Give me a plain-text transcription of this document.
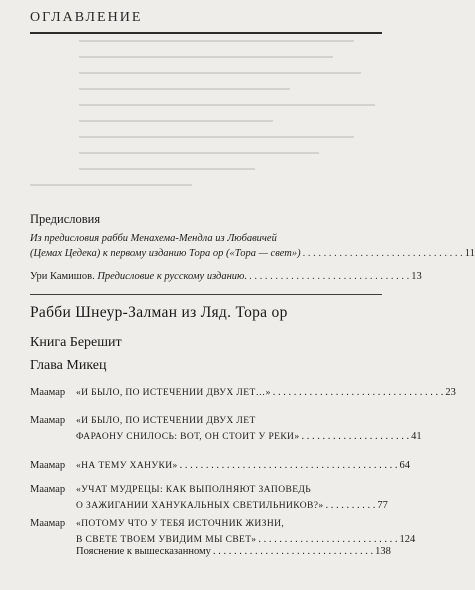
ОГЛАВЛЕНИЕ
Предисловия
Из предисловия рабби Менахема-Мендла из Любавичей
(Цемах Цедека) к первому изданию Тора ор («Тора — свет») . . . . . . . . . . . . . . . . . . . . . . . . . . . . . . . 11
Ури Камишов. Предисловие к русскому изданию. . . . . . . . . . . . . . . . . . . . . . . . . . . . . . . . 13
Рабби Шнеур-Залман из Ляд. Тора ор
Книга Берешит
Глава Микец
Маамар «И БЫЛО, ПО ИСТЕЧЕНИИ ДВУХ ЛЕТ…» . . . . . . . . . . . . . . . . . . . . . . . . . . . . . . . . . 23
Маамар «И БЫЛО, ПО ИСТЕЧЕНИИ ДВУХ ЛЕТ
ФАРАОНУ СНИЛОСЬ: ВОТ, ОН СТОИТ У РЕКИ» . . . . . . . . . . . . . . . . . . . . . 41
Маамар «НА ТЕМУ ХАНУКИ» . . . . . . . . . . . . . . . . . . . . . . . . . . . . . . . . . . . . . . . . . . 64
Маамар «УЧАТ МУДРЕЦЫ: КАК ВЫПОЛНЯЮТ ЗАПОВЕДЬ
О ЗАЖИГАНИИ ХАНУКАЛЬНЫХ СВЕТИЛЬНИКОВ?» . . . . . . . . . . 77
Маамар «ПОТОМУ ЧТО У ТЕБЯ ИСТОЧНИК ЖИЗНИ,
В СВЕТЕ ТВОЕМ УВИДИМ МЫ СВЕТ» . . . . . . . . . . . . . . . . . . . . . . . . . . . 124
Пояснение к вышесказанному . . . . . . . . . . . . . . . . . . . . . . . . . . . . . . . 138
